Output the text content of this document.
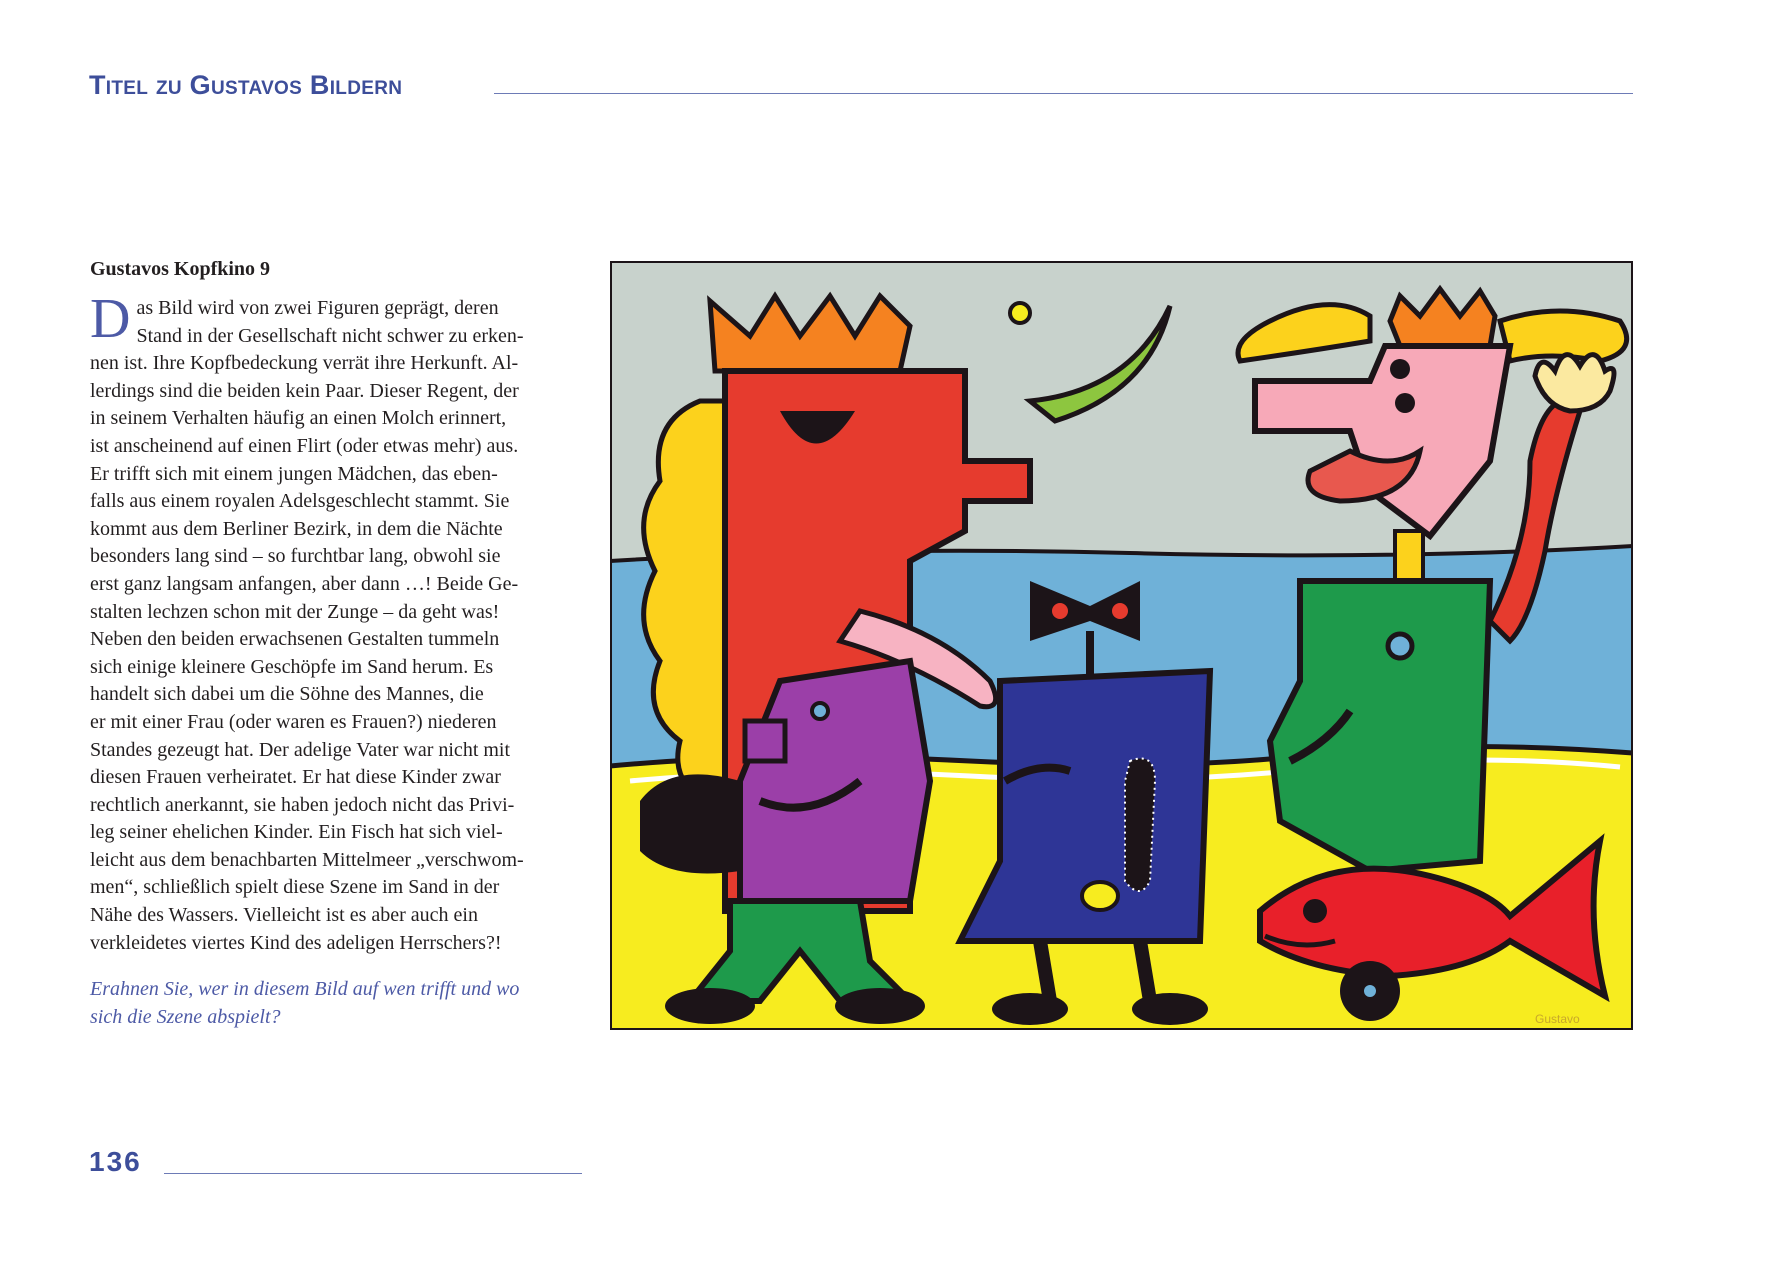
Titel zu Gustavos Bildern
Gustavos Kopfkino 9
D as Bild wird von zwei Figuren geprägt, deren
Stand in der Gesellschaft nicht schwer zu erken-
nen ist. Ihre Kopfbedeckung verrät ihre Herkunft. Al-
lerdings sind die beiden kein Paar. Dieser Regent, der
in seinem Verhalten häufig an einen Molch erinnert,
ist anscheinend auf einen Flirt (oder etwas mehr) aus.
Er trifft sich mit einem jungen Mädchen, das eben-
falls aus einem royalen Adelsgeschlecht stammt. Sie
kommt aus dem Berliner Bezirk, in dem die Nächte
besonders lang sind – so furchtbar lang, obwohl sie
erst ganz langsam anfangen, aber dann …! Beide Ge-
stalten lechzen schon mit der Zunge – da geht was!
Neben den beiden erwachsenen Gestalten tummeln
sich einige kleinere Geschöpfe im Sand herum. Es
handelt sich dabei um die Söhne des Mannes, die
er mit einer Frau (oder waren es Frauen?) niederen
Standes gezeugt hat. Der adelige Vater war nicht mit
diesen Frauen verheiratet. Er hat diese Kinder zwar
rechtlich anerkannt, sie haben jedoch nicht das Privi-
leg seiner ehelichen Kinder. Ein Fisch hat sich viel-
leicht aus dem benachbarten Mittelmeer „verschwom-
men“, schließlich spielt diese Szene im Sand in der
Nähe des Wassers. Vielleicht ist es aber auch ein
verkleidetes viertes Kind des adeligen Herrschers?!
Erahnen Sie, wer in diesem Bild auf wen trifft und wo
sich die Szene abspielt?	Gustavo
136
